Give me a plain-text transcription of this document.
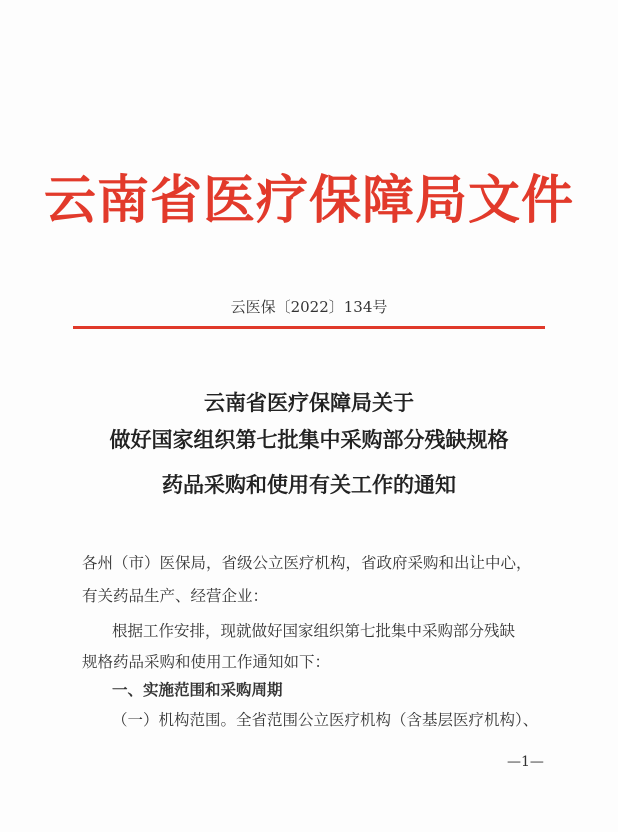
云南省医疗保障局文件
云医保〔2022〕134号
云南省医疗保障局关于
做好国家组织第七批集中采购部分残缺规格
药品采购和使用有关工作的通知
各州（市）医保局，省级公立医疗机构，省政府采购和出让中心，
有关药品生产、经营企业：
根据工作安排，现就做好国家组织第七批集中采购部分残缺
规格药品采购和使用工作通知如下：
一、实施范围和采购周期
（一）机构范围。全省范围公立医疗机构（含基层医疗机构）、
—1—
